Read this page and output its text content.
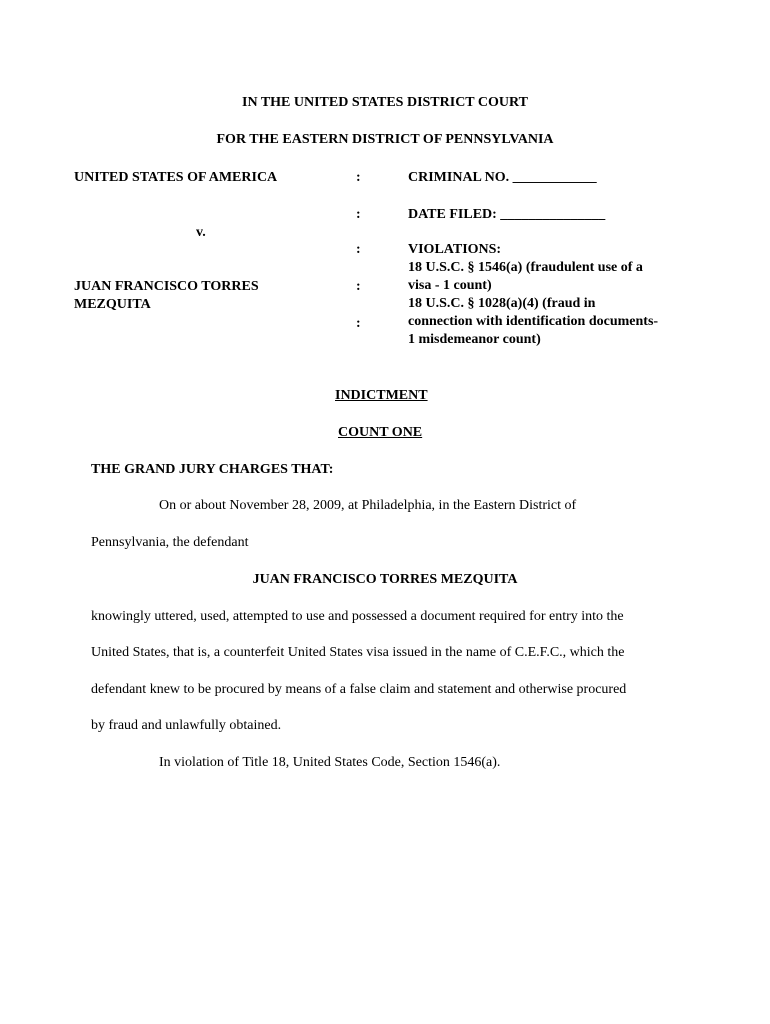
IN THE UNITED STATES DISTRICT COURT
FOR THE EASTERN DISTRICT OF PENNSYLVANIA
UNITED STATES OF AMERICA
v.
JUAN FRANCISCO TORRES
MEZQUITA
:
:
:
:
:
CRIMINAL NO. ____________
DATE FILED: _______________
VIOLATIONS:
18 U.S.C. § 1546(a) (fraudulent use of a
visa - 1 count)
18 U.S.C. § 1028(a)(4) (fraud in
connection with identification documents-
1 misdemeanor count)
INDICTMENT
COUNT ONE
THE GRAND JURY CHARGES THAT:
On or about November 28, 2009, at Philadelphia, in the Eastern District of
Pennsylvania, the defendant
JUAN FRANCISCO TORRES MEZQUITA
knowingly uttered, used, attempted to use and possessed a document required for entry into the
United States, that is, a counterfeit United States visa issued in the name of C.E.F.C., which the
defendant knew to be procured by means of a false claim and statement and otherwise procured
by fraud and unlawfully obtained.
In violation of Title 18, United States Code, Section 1546(a).
